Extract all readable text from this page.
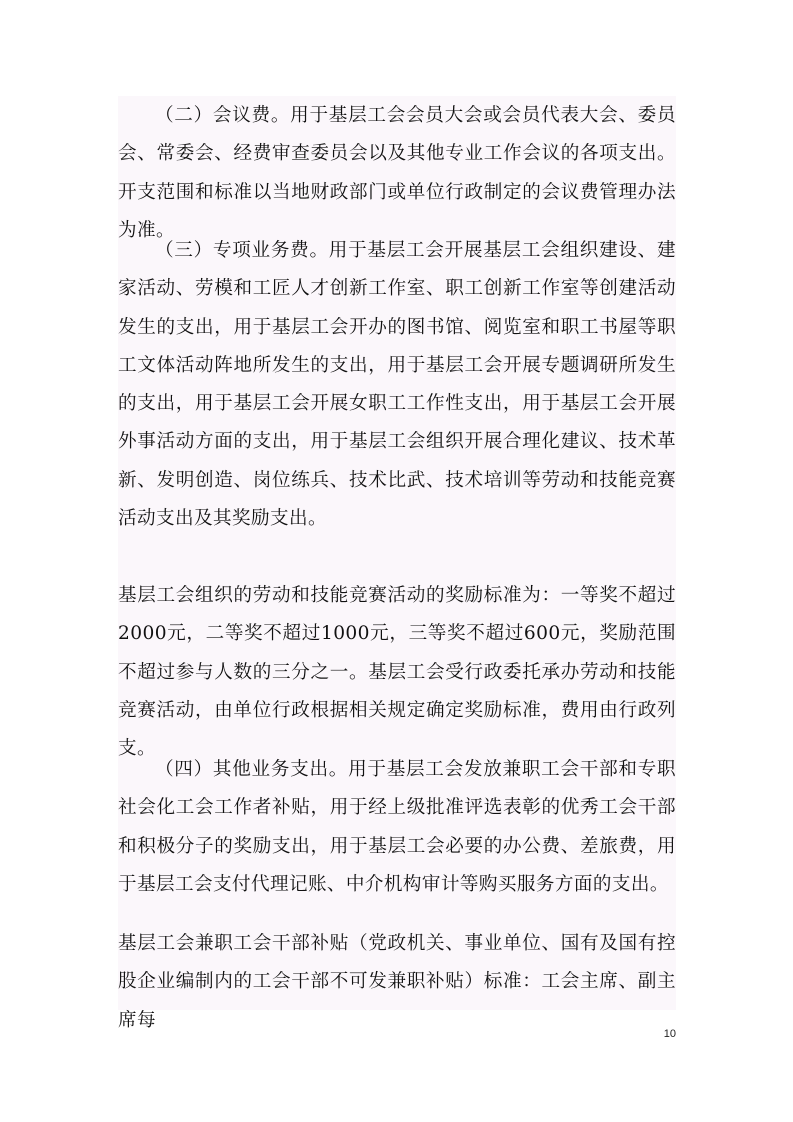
（二）会议费。用于基层工会会员大会或会员代表大会、委员会、常委会、经费审查委员会以及其他专业工作会议的各项支出。开支范围和标准以当地财政部门或单位行政制定的会议费管理办法为准。

（三）专项业务费。用于基层工会开展基层工会组织建设、建家活动、劳模和工匠人才创新工作室、职工创新工作室等创建活动发生的支出，用于基层工会开办的图书馆、阅览室和职工书屋等职工文体活动阵地所发生的支出，用于基层工会开展专题调研所发生的支出，用于基层工会开展女职工工作性支出，用于基层工会开展外事活动方面的支出，用于基层工会组织开展合理化建议、技术革新、发明创造、岗位练兵、技术比武、技术培训等劳动和技能竞赛活动支出及其奖励支出。

基层工会组织的劳动和技能竞赛活动的奖励标准为：一等奖不超过2000元，二等奖不超过1000元，三等奖不超过600元，奖励范围不超过参与人数的三分之一。基层工会受行政委托承办劳动和技能竞赛活动，由单位行政根据相关规定确定奖励标准，费用由行政列支。

（四）其他业务支出。用于基层工会发放兼职工会干部和专职社会化工会工作者补贴，用于经上级批准评选表彰的优秀工会干部和积极分子的奖励支出，用于基层工会必要的办公费、差旅费，用于基层工会支付代理记账、中介机构审计等购买服务方面的支出。

基层工会兼职工会干部补贴（党政机关、事业单位、国有及国有控股企业编制内的工会干部不可发兼职补贴）标准：工会主席、副主席每

10
